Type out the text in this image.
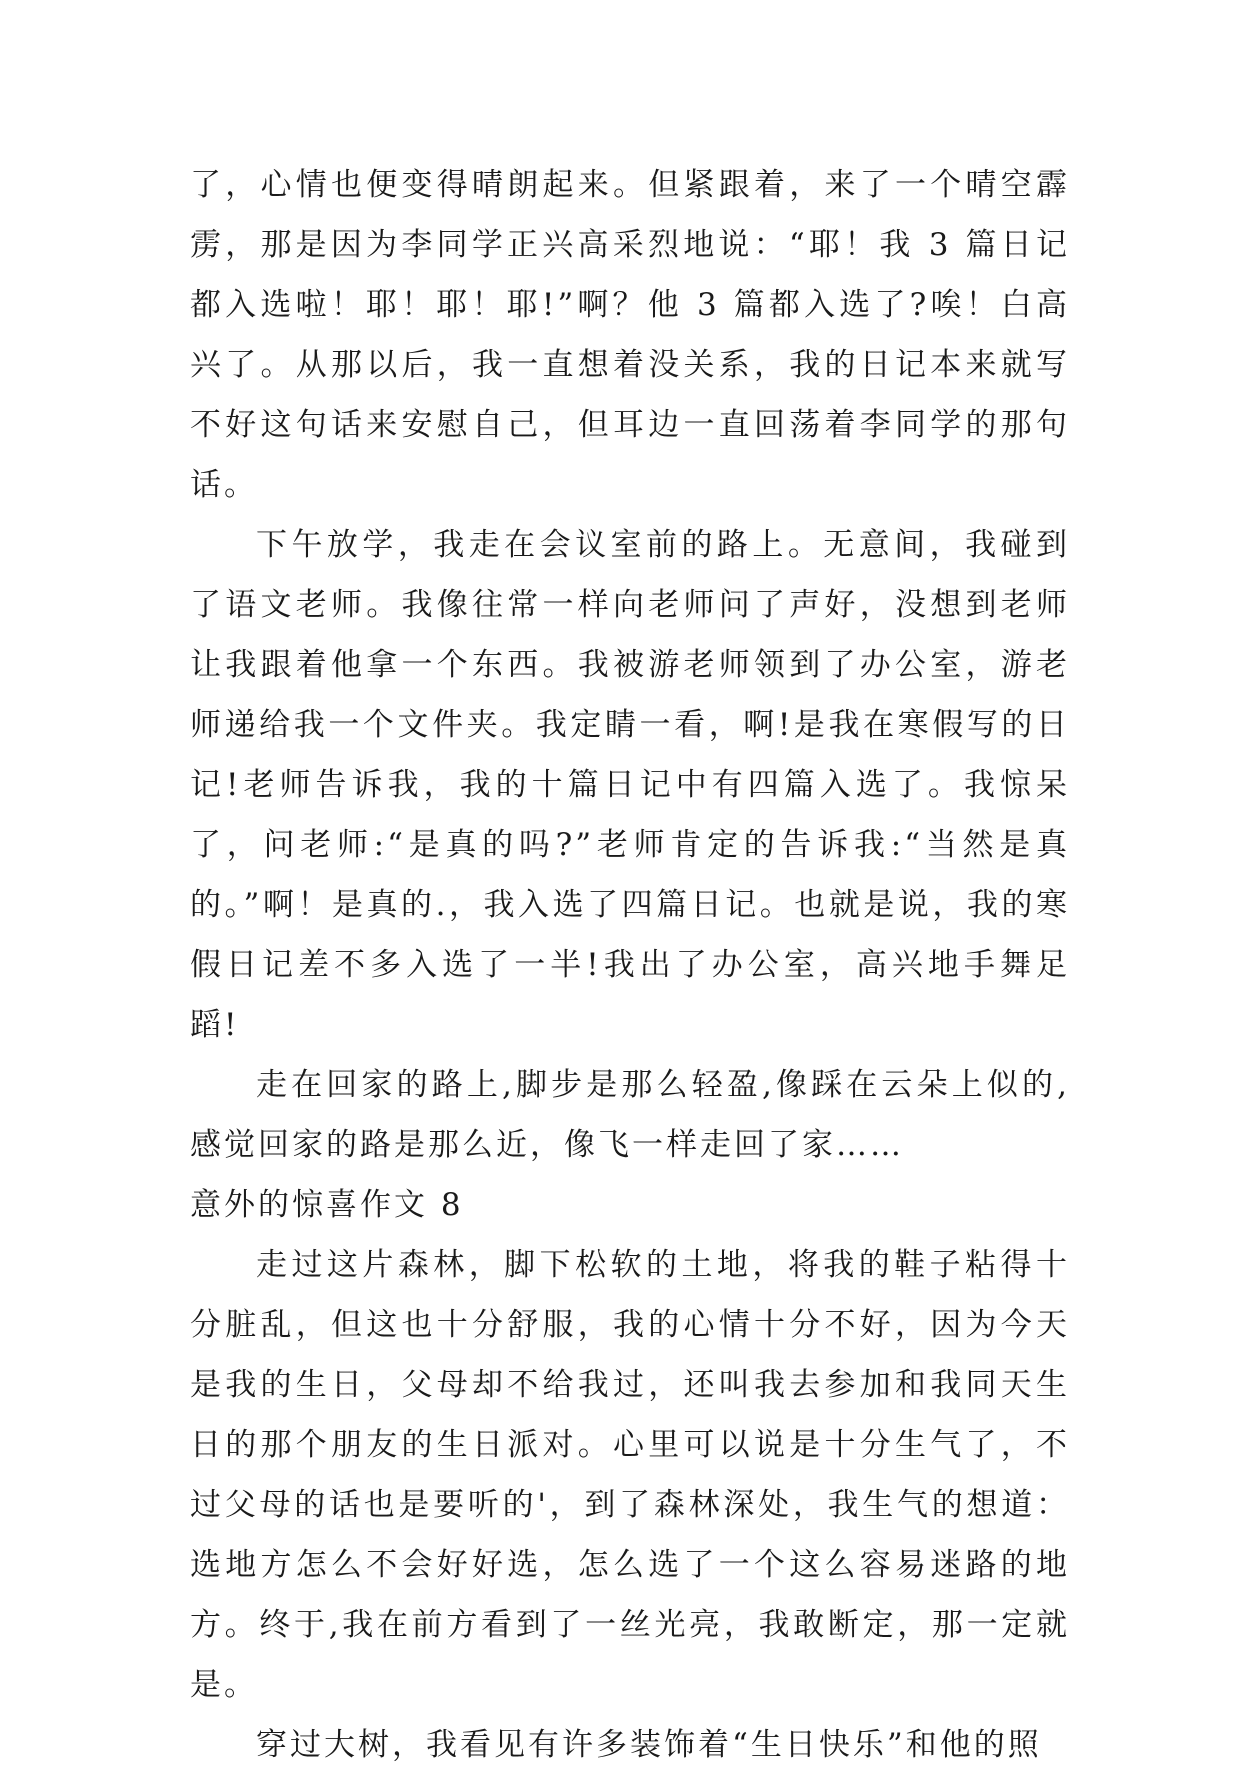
了，心情也便变得晴朗起来。但紧跟着，来了一个晴空霹雳，那是因为李同学正兴高采烈地说：“耶！我 3 篇日记都入选啦！耶！耶！耶!”啊？他 3 篇都入选了?唉！白高兴了。从那以后，我一直想着没关系，我的日记本来就写不好这句话来安慰自己，但耳边一直回荡着李同学的那句话。

下午放学，我走在会议室前的路上。无意间，我碰到了语文老师。我像往常一样向老师问了声好，没想到老师让我跟着他拿一个东西。我被游老师领到了办公室，游老师递给我一个文件夹。我定睛一看，啊!是我在寒假写的日记!老师告诉我，我的十篇日记中有四篇入选了。我惊呆了，问老师:“是真的吗?”老师肯定的告诉我:“当然是真的。”啊！是真的.，我入选了四篇日记。也就是说，我的寒假日记差不多入选了一半!我出了办公室，高兴地手舞足蹈!

走在回家的路上,脚步是那么轻盈,像踩在云朵上似的,感觉回家的路是那么近，像飞一样走回了家……

意外的惊喜作文 8

走过这片森林，脚下松软的土地，将我的鞋子粘得十分脏乱，但这也十分舒服，我的心情十分不好，因为今天是我的生日，父母却不给我过，还叫我去参加和我同天生日的那个朋友的生日派对。心里可以说是十分生气了，不过父母的话也是要听的'，到了森林深处，我生气的想道：选地方怎么不会好好选，怎么选了一个这么容易迷路的地方。终于,我在前方看到了一丝光亮，我敢断定，那一定就是。

穿过大树，我看见有许多装饰着“生日快乐”和他的照
